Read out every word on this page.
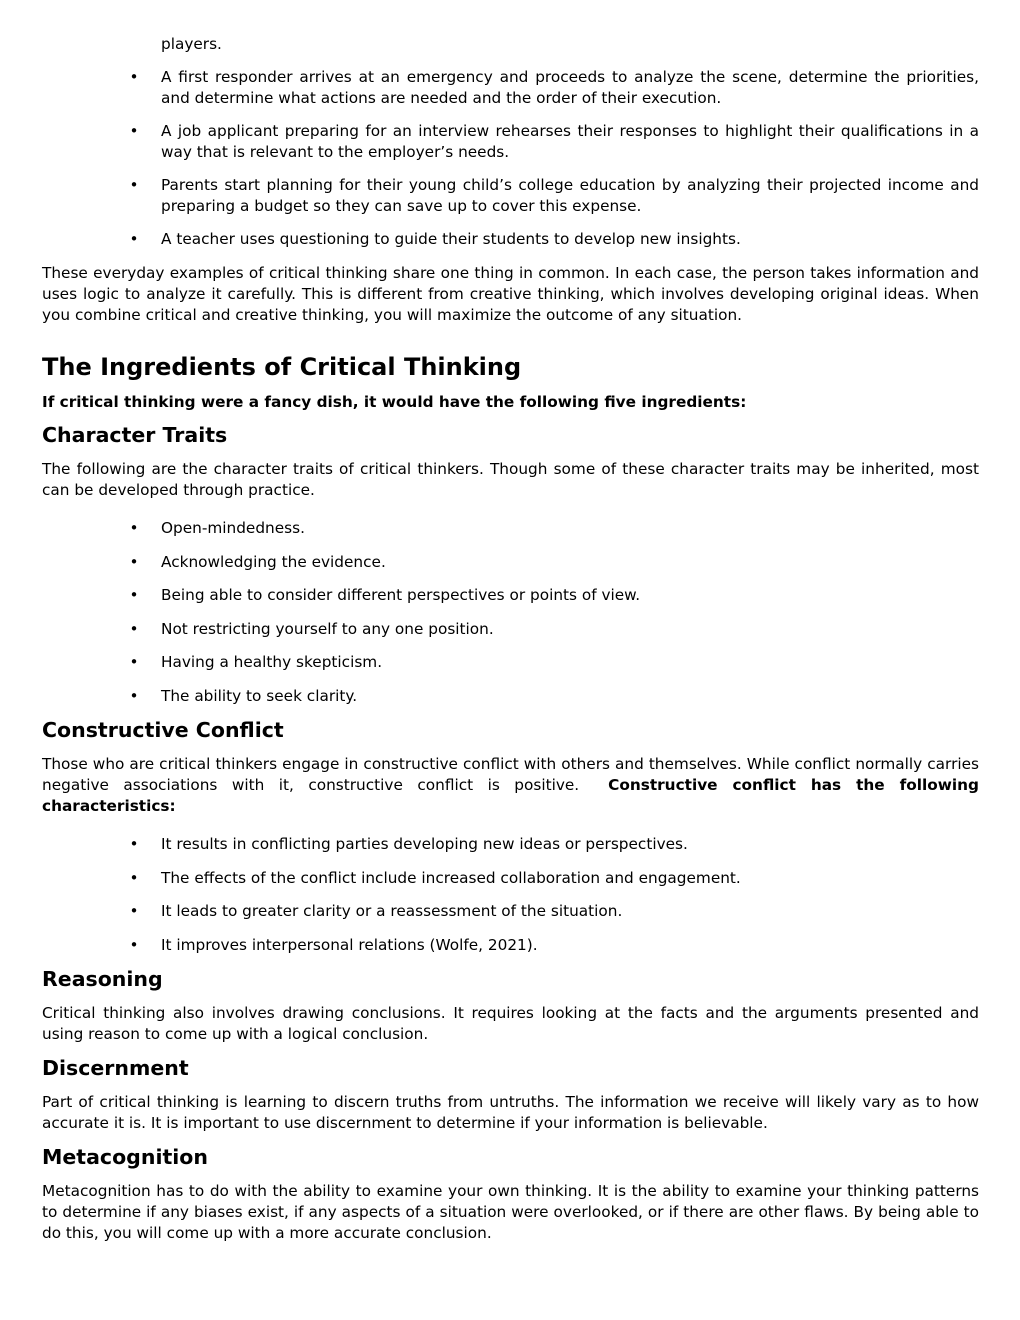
players.
• A first responder arrives at an emergency and proceeds to analyze the scene, determine the priorities, and determine what actions are needed and the order of their execution.
• A job applicant preparing for an interview rehearses their responses to highlight their qualifications in a way that is relevant to the employer’s needs.
• Parents start planning for their young child’s college education by analyzing their projected income and preparing a budget so they can save up to cover this expense.
• A teacher uses questioning to guide their students to develop new insights.

These everyday examples of critical thinking share one thing in common. In each case, the person takes information and uses logic to analyze it carefully. This is different from creative thinking, which involves developing original ideas. When you combine critical and creative thinking, you will maximize the outcome of any situation.

The Ingredients of Critical Thinking

If critical thinking were a fancy dish, it would have the following five ingredients:

Character Traits

The following are the character traits of critical thinkers. Though some of these character traits may be inherited, most can be developed through practice.

• Open-mindedness.
• Acknowledging the evidence.
• Being able to consider different perspectives or points of view.
• Not restricting yourself to any one position.
• Having a healthy skepticism.
• The ability to seek clarity.
Constructive Conflict

Those who are critical thinkers engage in constructive conflict with others and themselves. While conflict normally carries negative associations with it, constructive conflict is positive. Constructive conflict has the following characteristics:

• It results in conflicting parties developing new ideas or perspectives.
• The effects of the conflict include increased collaboration and engagement.
• It leads to greater clarity or a reassessment of the situation.
• It improves interpersonal relations (Wolfe, 2021).
Reasoning

Critical thinking also involves drawing conclusions. It requires looking at the facts and the arguments presented and using reason to come up with a logical conclusion.

Discernment

Part of critical thinking is learning to discern truths from untruths. The information we receive will likely vary as to how accurate it is. It is important to use discernment to determine if your information is believable.

Metacognition

Metacognition has to do with the ability to examine your own thinking. It is the ability to examine your thinking patterns to determine if any biases exist, if any aspects of a situation were overlooked, or if there are other flaws. By being able to do this, you will come up with a more accurate conclusion.
